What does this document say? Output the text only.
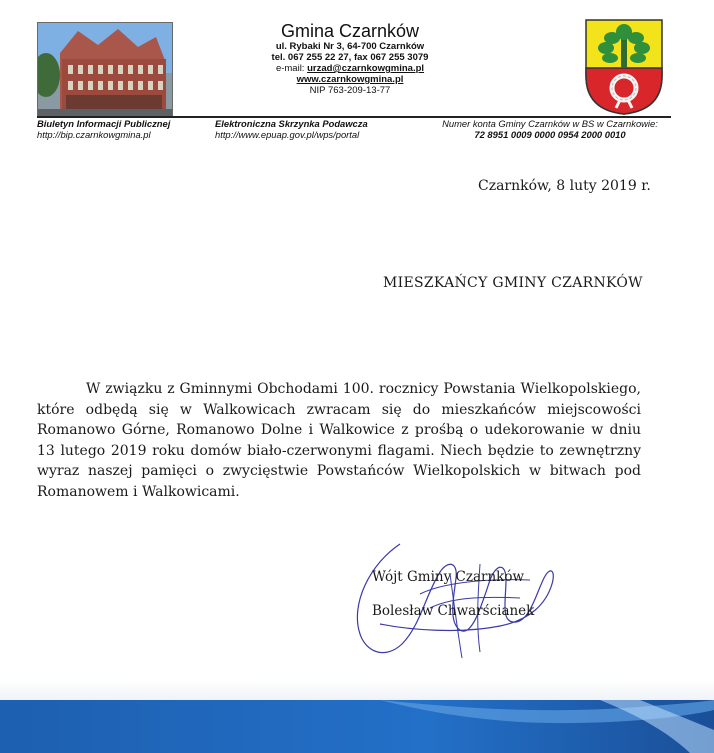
Gmina Czarnków
ul. Rybaki Nr 3, 64-700 Czarnków
tel. 067 255 22 27, fax 067 255 3079
e-mail: urzad@czarnkowgmina.pl
www.czarnkowgmina.pl
NIP 763-209-13-77
Biuletyn Informacji Publicznej
http://bip.czarnkowgmina.pl
Elektroniczna Skrzynka Podawcza
http://www.epuap.gov.pl/wps/portal
Numer konta Gminy Czarnków w BS w Czarnkowie:
72 8951 0009 0000 0954 2000 0010
Czarnków, 8 luty 2019 r.
MIESZKAŃCY GMINY CZARNKÓW

W związku z Gminnymi Obchodami 100. rocznicy Powstania Wielkopolskiego, które odbędą się w Walkowicach zwracam się do mieszkańców miejscowości Romanowo Górne, Romanowo Dolne i Walkowice z prośbą o udekorowanie w dniu 13 lutego 2019 roku domów biało-czerwonymi flagami. Niech będzie to zewnętrzny wyraz naszej pamięci o zwycięstwie Powstańców Wielkopolskich w bitwach pod Romanowem i Walkowicami.

Wójt Gminy Czarnków
Bolesław Chwarścianek
